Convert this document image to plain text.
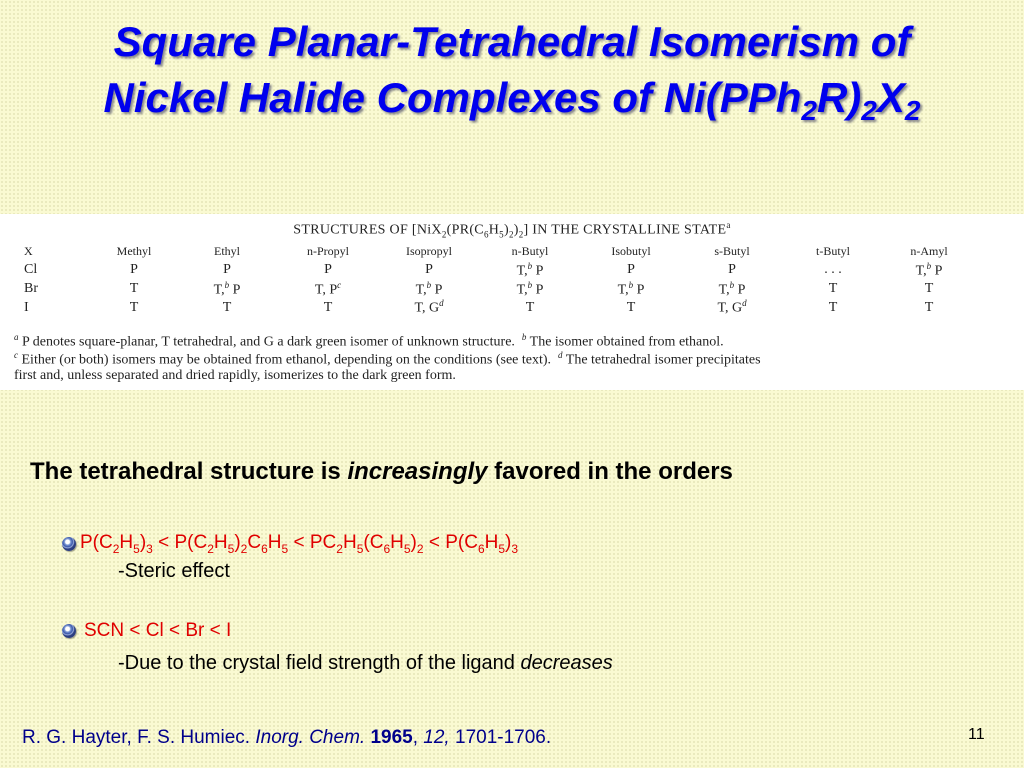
Square Planar-Tetrahedral Isomerism of
Nickel Halide Complexes of $Ni(PPh_2R)_2X_2$
STRUCTURES OF $[NiX_2(PR(C_6H_5)_2)_2]$ IN THE CRYSTALLINE STATE$^a$
X	Methyl	Ethyl	n-Propyl	Isopropyl	n-Butyl	Isobutyl	s-Butyl	t-Butyl	n-Amyl
Cl	P	P	P	P	T,$^b$ P	P	P	. . .	T,$^b$ P
Br	T	T,$^b$ P	T, $P^c$	T,$^b$ P	T,$^b$ P	T,$^b$ P	T,$^b$ P	T	T
I	T	T	T	T, $G^d$	T	T	T, $G^d$	T	T
$^a$ P denotes square-planar, T tetrahedral, and G a dark green isomer of unknown structure. $^b$ The isomer obtained from ethanol.
$^c$ Either (or both) isomers may be obtained from ethanol, depending on the conditions (see text). $^d$ The tetrahedral isomer precipitates
first and, unless separated and dried rapidly, isomerizes to the dark green form.
The tetrahedral structure is increasingly favored in the orders
$P(C_2H_5)_3 < P(C_2H_5)_2C_6H_5 < PC_2H_5(C_6H_5)_2 < P(C_6H_5)_3$
-Steric effect
SCN < Cl < Br < I
-Due to the crystal field strength of the ligand decreases
R. G. Hayter, F. S. Humiec. Inorg. Chem. 1965, 12, 1701-1706.	11
